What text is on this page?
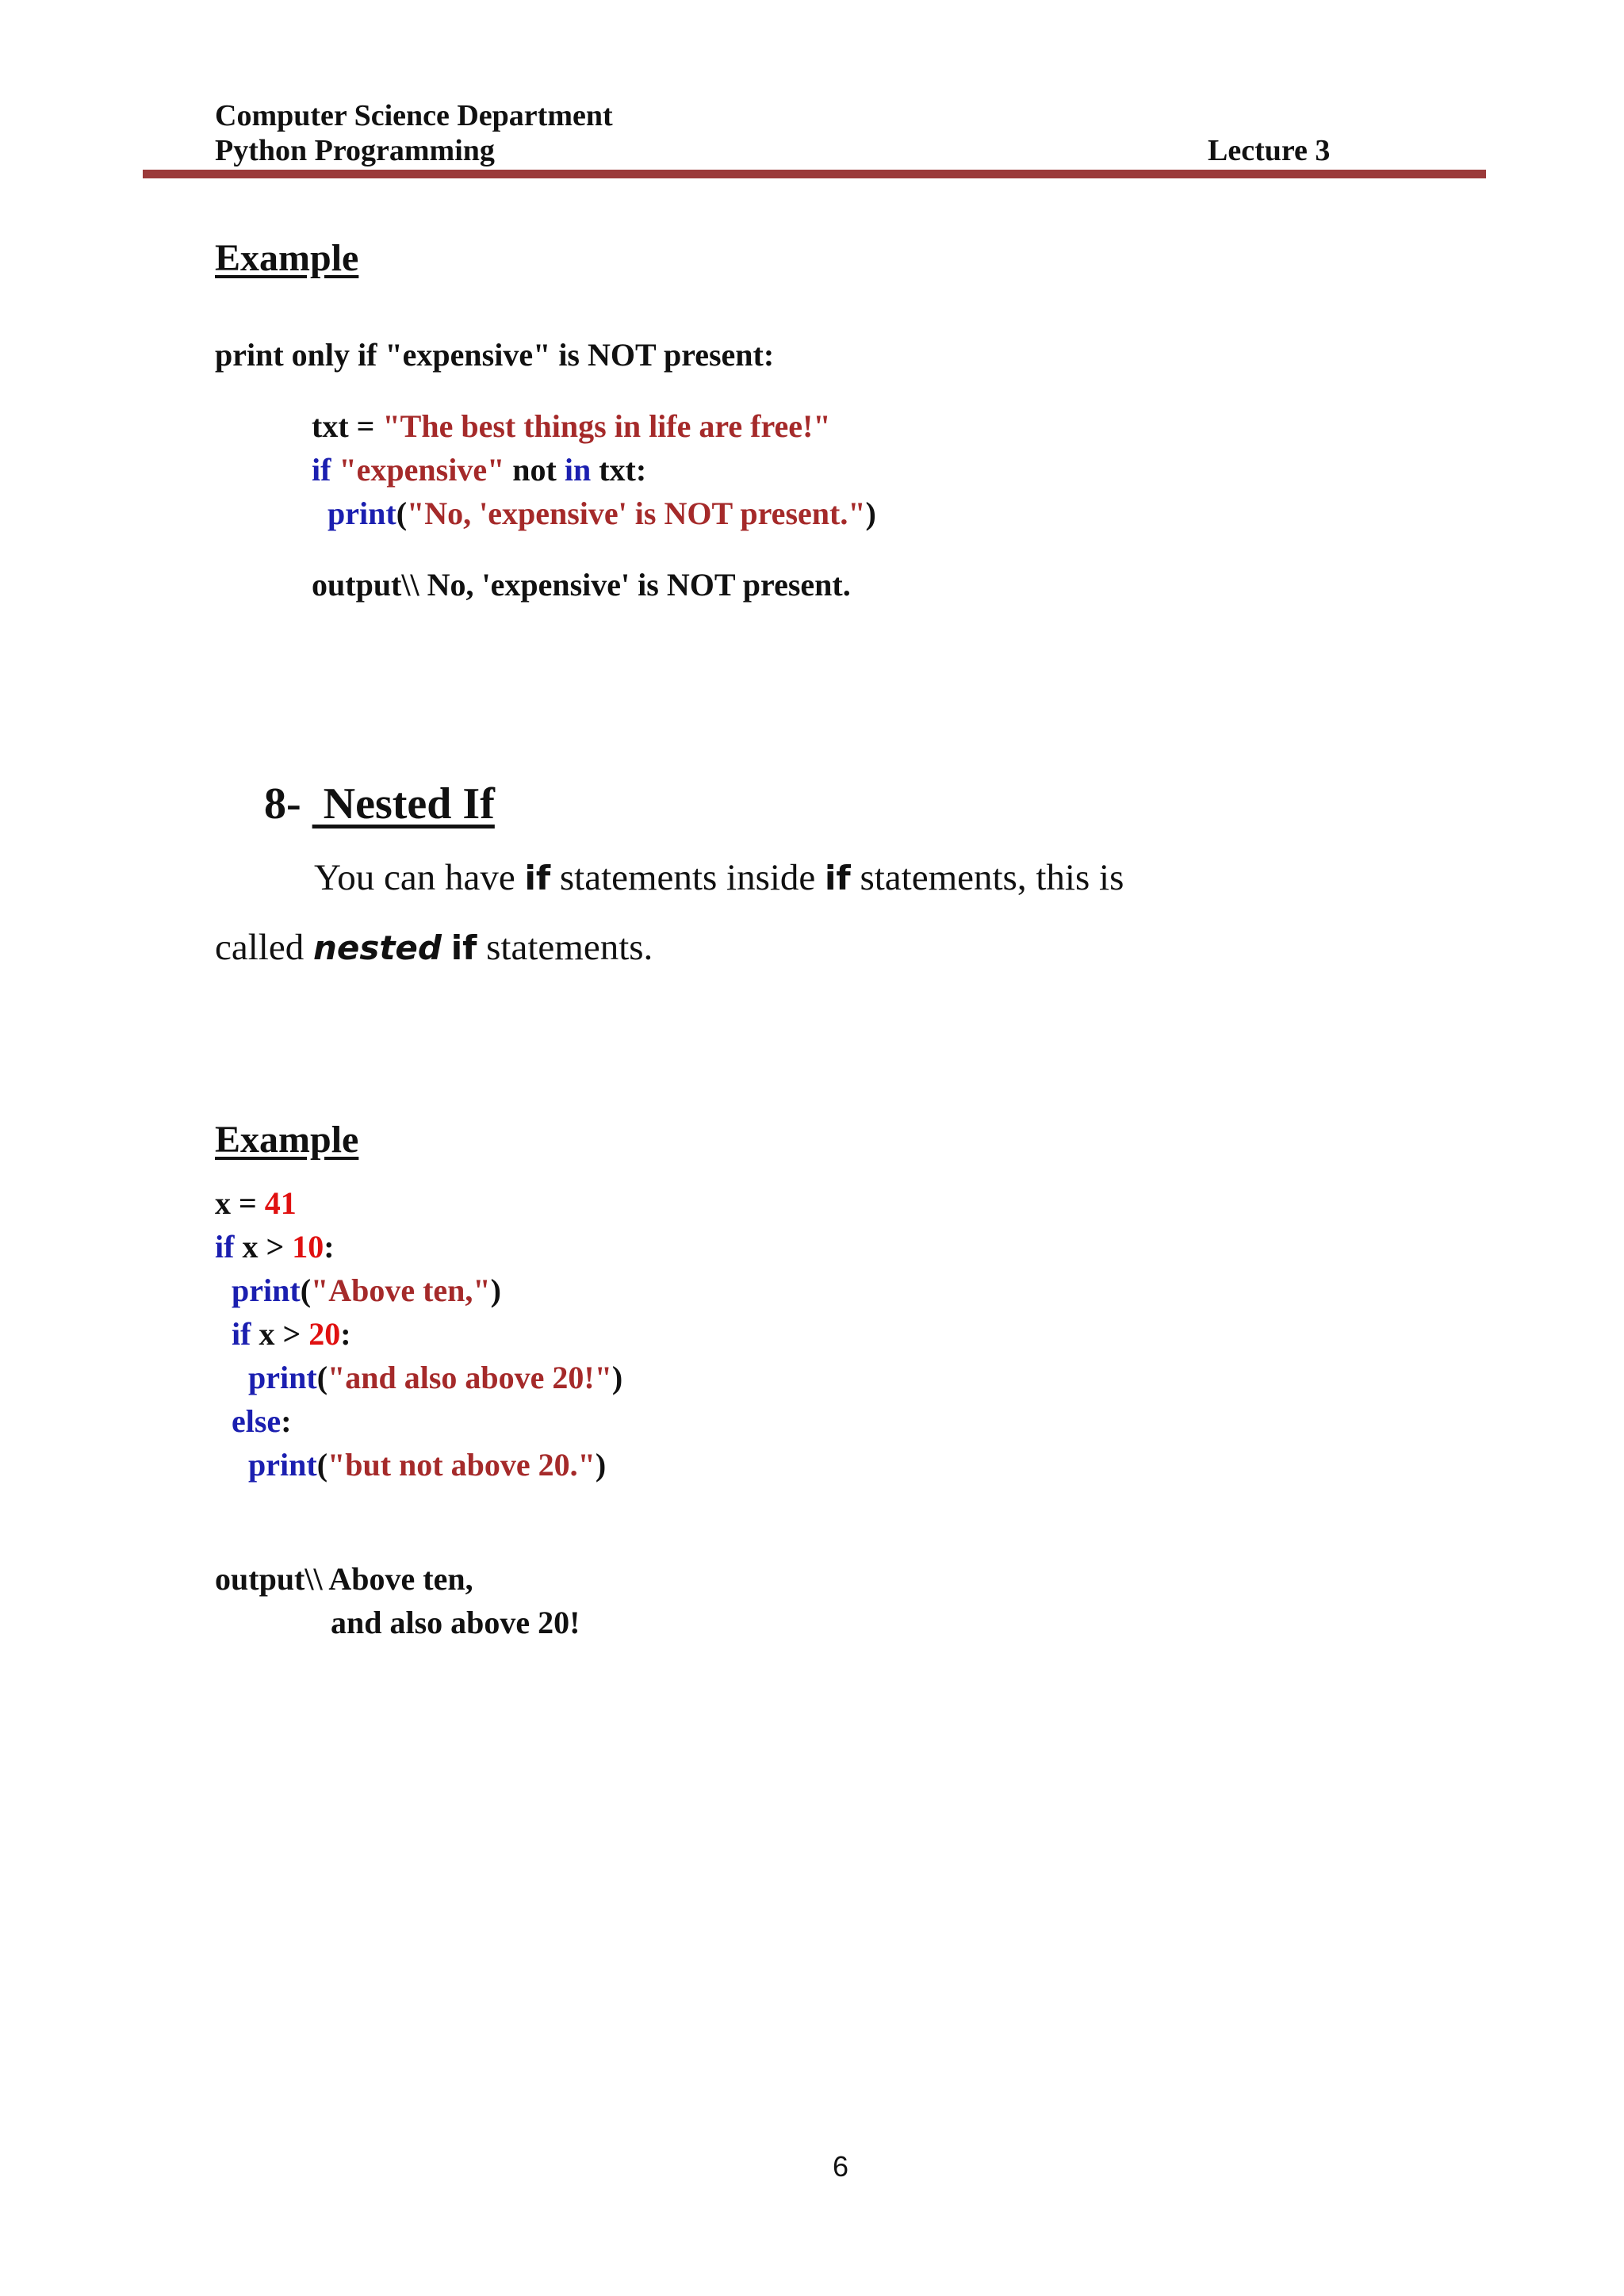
Computer Science Department
Python Programming	Lecture 3
Example
print only if "expensive" is NOT present:
txt = "The best things in life are free!"
if "expensive" not in txt:
print("No, 'expensive' is NOT present.")
output\\ No, 'expensive' is NOT present.
8-  Nested If
You can have if statements inside if statements, this is
called nested if statements.
Example
x = 41
if x > 10:
print("Above ten,")
if x > 20:
print("and also above 20!")
else:
print("but not above 20.")
output\\ Above ten,
and also above 20!
6
